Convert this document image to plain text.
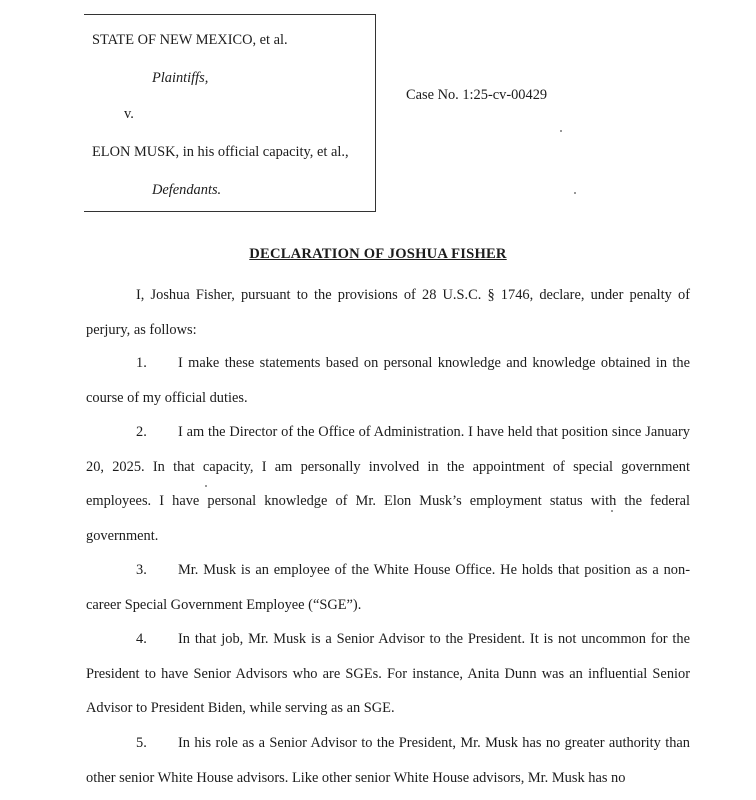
STATE OF NEW MEXICO, et al.
Plaintiffs,
v.
ELON MUSK, in his official capacity, et al.,
Defendants.
Case No. 1:25-cv-00429
DECLARATION OF JOSHUA FISHER

I, Joshua Fisher, pursuant to the provisions of 28 U.S.C. § 1746, declare, under penalty of perjury, as follows:

1. I make these statements based on personal knowledge and knowledge obtained in the course of my official duties.

2. I am the Director of the Office of Administration. I have held that position since January 20, 2025. In that capacity, I am personally involved in the appointment of special government employees. I have personal knowledge of Mr. Elon Musk’s employment status with the federal government.

3. Mr. Musk is an employee of the White House Office. He holds that position as a non-career Special Government Employee (“SGE”).

4. In that job, Mr. Musk is a Senior Advisor to the President. It is not uncommon for the President to have Senior Advisors who are SGEs. For instance, Anita Dunn was an influential Senior Advisor to President Biden, while serving as an SGE.

5. In his role as a Senior Advisor to the President, Mr. Musk has no greater authority than other senior White House advisors. Like other senior White House advisors, Mr. Musk has no
